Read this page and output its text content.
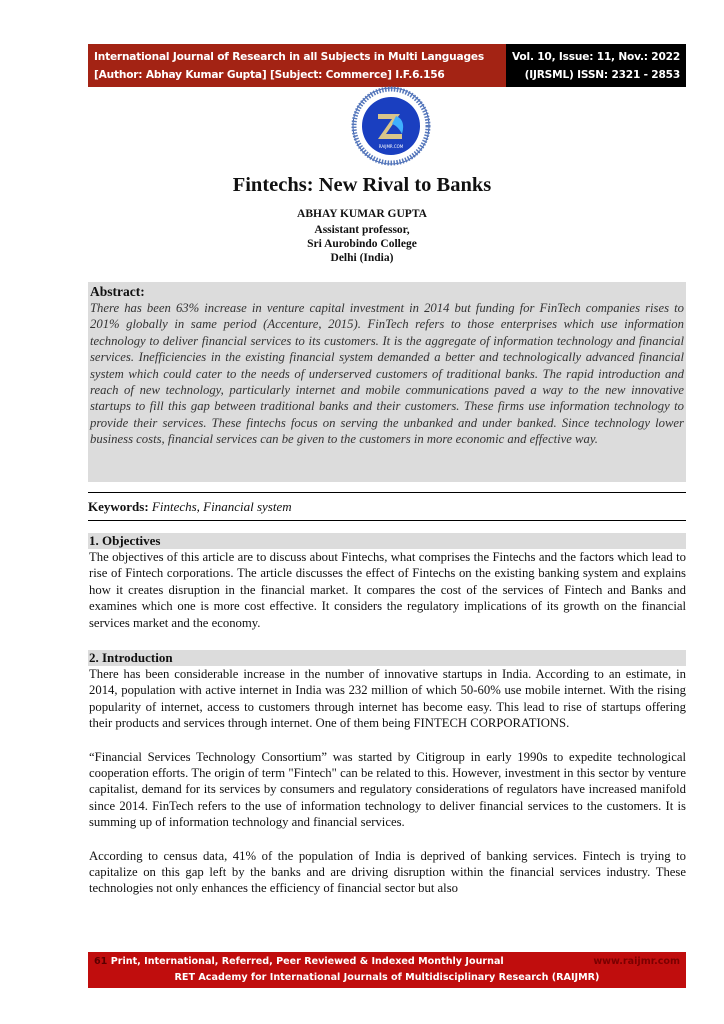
International Journal of Research in all Subjects in Multi Languages
[Author: Abhay Kumar Gupta] [Subject: Commerce] I.F.6.156
Vol. 10, Issue: 11, Nov.: 2022
(IJRSML) ISSN: 2321 - 2853
RAIJMR.COM
Fintechs: New Rival to Banks
ABHAY KUMAR GUPTA
Assistant professor,
Sri Aurobindo College
Delhi (India)
Abstract:

There has been 63% increase in venture capital investment in 2014 but funding for FinTech companies rises to 201% globally in same period (Accenture, 2015). FinTech refers to those enterprises which use information technology to deliver financial services to its customers. It is the aggregate of information technology and financial services. Inefficiencies in the existing financial system demanded a better and technologically advanced financial system which could cater to the needs of underserved customers of traditional banks. The rapid introduction and reach of new technology, particularly internet and mobile communications paved a way to the new innovative startups to fill this gap between traditional banks and their customers. These firms use information technology to provide their services. These fintechs focus on serving the unbanked and under banked. Since technology lower business costs, financial services can be given to the customers in more economic and effective way.

Keywords: Fintechs, Financial system
1. Objectives

The objectives of this article are to discuss about Fintechs, what comprises the Fintechs and the factors which lead to rise of Fintech corporations. The article discusses the effect of Fintechs on the existing banking system and explains how it creates disruption in the financial market. It compares the cost of the services of Fintech and Banks and examines which one is more cost effective. It considers the regulatory implications of its growth on the financial services market and the economy.

2. Introduction

There has been considerable increase in the number of innovative startups in India. According to an estimate, in 2014, population with active internet in India was 232 million of which 50-60% use mobile internet. With the rising popularity of internet, access to customers through internet has become easy. This lead to rise of startups offering their products and services through internet. One of them being FINTECH CORPORATIONS.

“Financial Services Technology Consortium” was started by Citigroup in early 1990s to expedite technological cooperation efforts. The origin of term "Fintech" can be related to this. However, investment in this sector by venture capitalist, demand for its services by consumers and regulatory considerations of regulators have increased manifold since 2014. FinTech refers to the use of information technology to deliver financial services to the customers. It is summing up of information technology and financial services.

According to census data, 41% of the population of India is deprived of banking services. Fintech is trying to capitalize on this gap left by the banks and are driving disruption within the financial services industry. These technologies not only enhances the efficiency of financial sector but also

61 Print, International, Referred, Peer Reviewed & Indexed Monthly Journal	www.raijmr.com
RET Academy for International Journals of Multidisciplinary Research (RAIJMR)
